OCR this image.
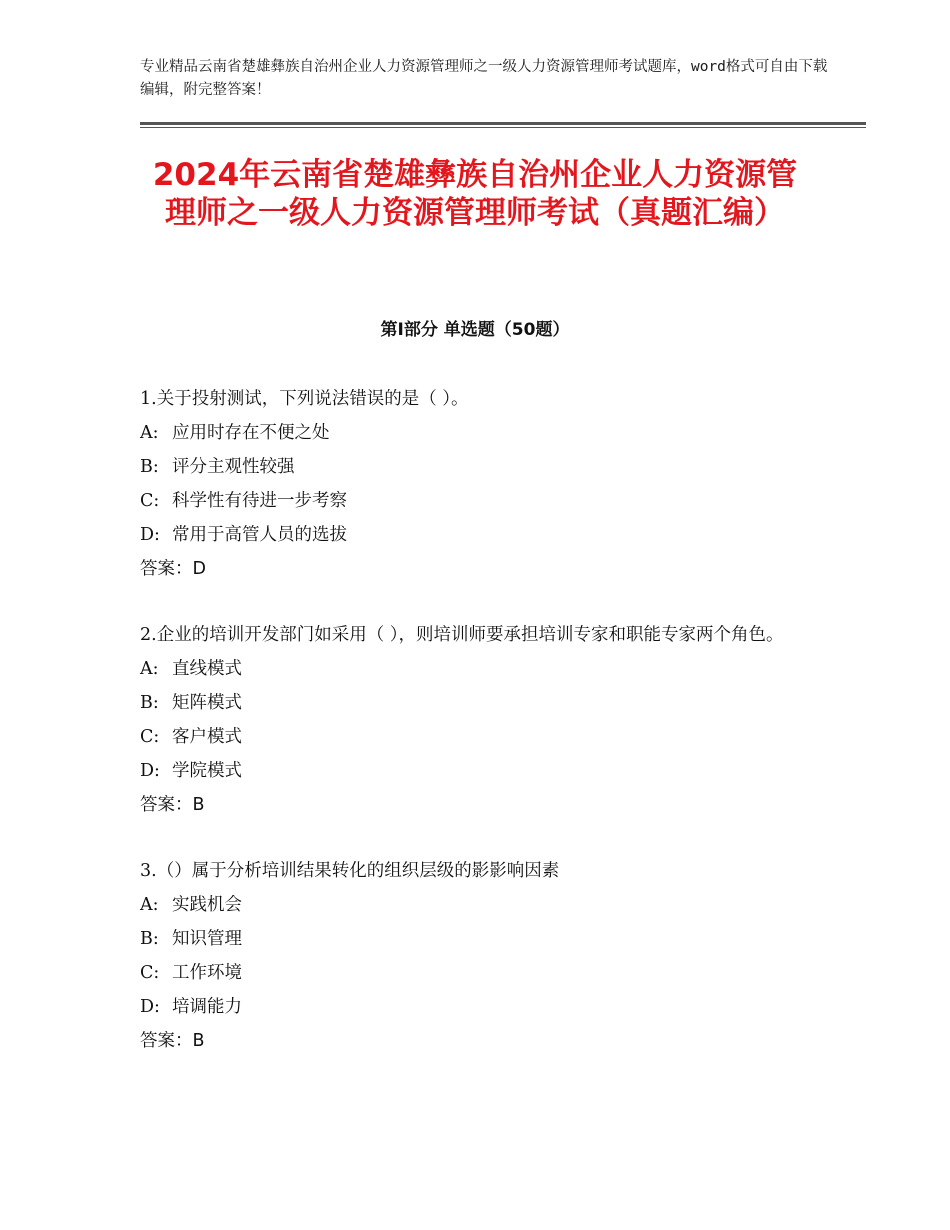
专业精品云南省楚雄彝族自治州企业人力资源管理师之一级人力资源管理师考试题库，word格式可自由下载编辑，附完整答案！
2024年云南省楚雄彝族自治州企业人力资源管理师之一级人力资源管理师考试（真题汇编）
第Ⅰ部分 单选题（50题）
1.关于投射测试，下列说法错误的是（ ）。
A: 应用时存在不便之处
B: 评分主观性较强
C: 科学性有待进一步考察
D: 常用于高管人员的选拔
答案：D
2.企业的培训开发部门如采用（ ），则培训师要承担培训专家和职能专家两个角色。
A: 直线模式
B: 矩阵模式
C: 客户模式
D: 学院模式
答案：B
3.（）属于分析培训结果转化的组织层级的影影响因素
A: 实践机会
B: 知识管理
C: 工作环境
D: 培调能力
答案：B
